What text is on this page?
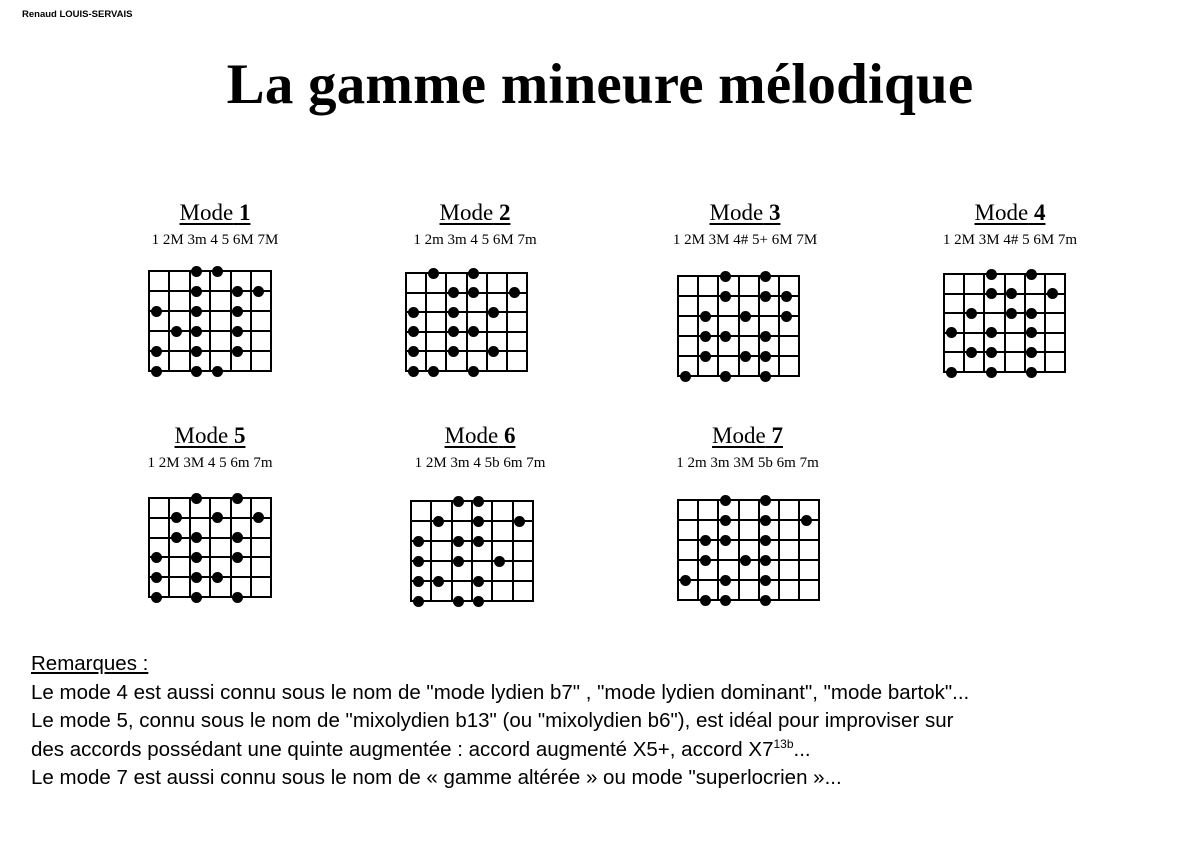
Renaud LOUIS-SERVAIS
La gamme mineure mélodique
Mode 1
1 2M 3m 4 5 6M 7M
Mode 2
1 2m 3m 4 5 6M 7m
Mode 3
1 2M 3M 4# 5+ 6M 7M
Mode 4
1 2M 3M 4# 5 6M 7m
Mode 5
1 2M 3M 4 5 6m 7m
Mode 6
1 2M 3m 4 5b 6m 7m
Mode 7
1 2m 3m 3M 5b 6m 7m
Remarques :
Le mode 4 est aussi connu sous le nom de "mode lydien b7" , "mode lydien dominant", "mode bartok"...
Le mode 5, connu sous le nom de "mixolydien b13" (ou "mixolydien b6"), est idéal pour improviser sur
des accords possédant une quinte augmentée : accord augmenté X5+, accord $X7^{13b}$...
Le mode 7 est aussi connu sous le nom de « gamme altérée » ou mode "superlocrien »...
